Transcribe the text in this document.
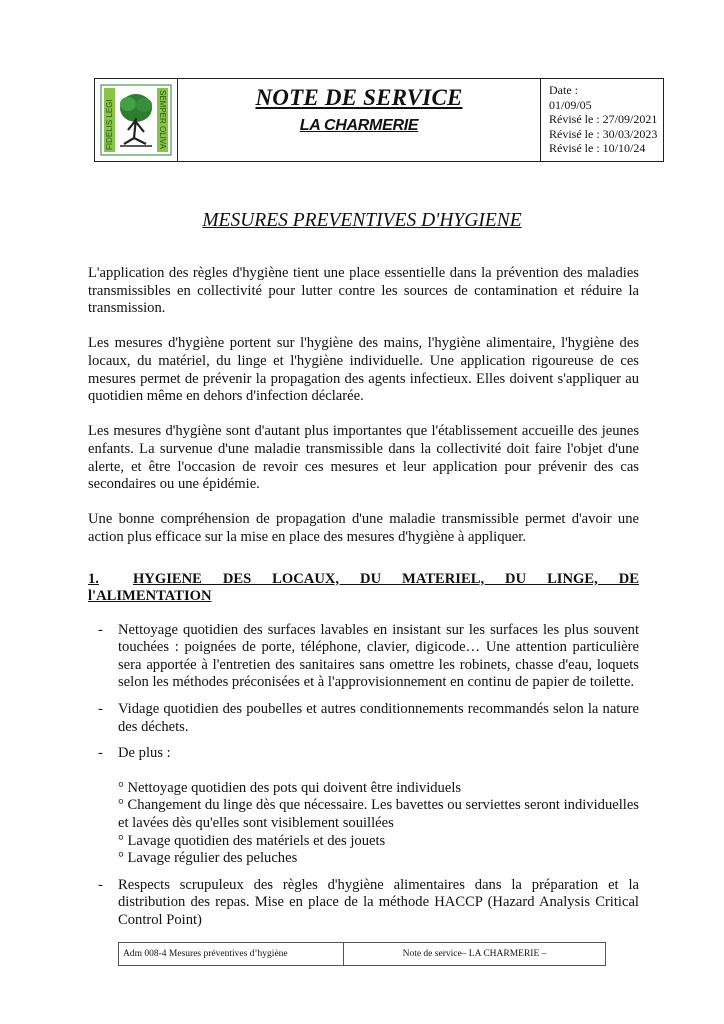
FIDELIS LEGI	SEMPER OLIVA	NOTE DE SERVICE
LA CHARMERIE
Date :
01/09/05
Révisé le : 27/09/2021
Révisé le : 30/03/2023
Révisé le : 10/10/24
MESURES PREVENTIVES D'HYGIENE

L'application des règles d'hygiène tient une place essentielle dans la prévention des maladies transmissibles en collectivité pour lutter contre les sources de contamination et réduire la transmission.

Les mesures d'hygiène portent sur l'hygiène des mains, l'hygiène alimentaire, l'hygiène des locaux, du matériel, du linge et l'hygiène individuelle. Une application rigoureuse de ces mesures permet de prévenir la propagation des agents infectieux. Elles doivent s'appliquer au quotidien même en dehors d'infection déclarée.

Les mesures d'hygiène sont d'autant plus importantes que l'établissement accueille des jeunes enfants. La survenue d'une maladie transmissible dans la collectivité doit faire l'objet d'une alerte, et être l'occasion de revoir ces mesures et leur application pour prévenir des cas secondaires ou une épidémie.

Une bonne compréhension de propagation d'une maladie transmissible permet d'avoir une action plus efficace sur la mise en place des mesures d'hygiène à appliquer.

1. HYGIENE DES LOCAUX, DU MATERIEL, DU LINGE, DE l'ALIMENTATION
- Nettoyage quotidien des surfaces lavables en insistant sur les surfaces les plus souvent touchées : poignées de porte, téléphone, clavier, digicode… Une attention particulière sera apportée à l'entretien des sanitaires sans omettre les robinets, chasse d'eau, loquets selon les méthodes préconisées et à l'approvisionnement en continu de papier de toilette.
- Vidage quotidien des poubelles et autres conditionnements recommandés selon la nature des déchets.
- De plus :
° Nettoyage quotidien des pots qui doivent être individuels
° Changement du linge dès que nécessaire. Les bavettes ou serviettes seront individuelles et lavées dès qu'elles sont visiblement souillées
° Lavage quotidien des matériels et des jouets
° Lavage régulier des peluches
- Respects scrupuleux des règles d'hygiène alimentaires dans la préparation et la distribution des repas. Mise en place de la méthode HACCP (Hazard Analysis Critical Control Point)
Adm 008-4 Mesures préventives d’hygiène	Note de service– LA CHARMERIE –
